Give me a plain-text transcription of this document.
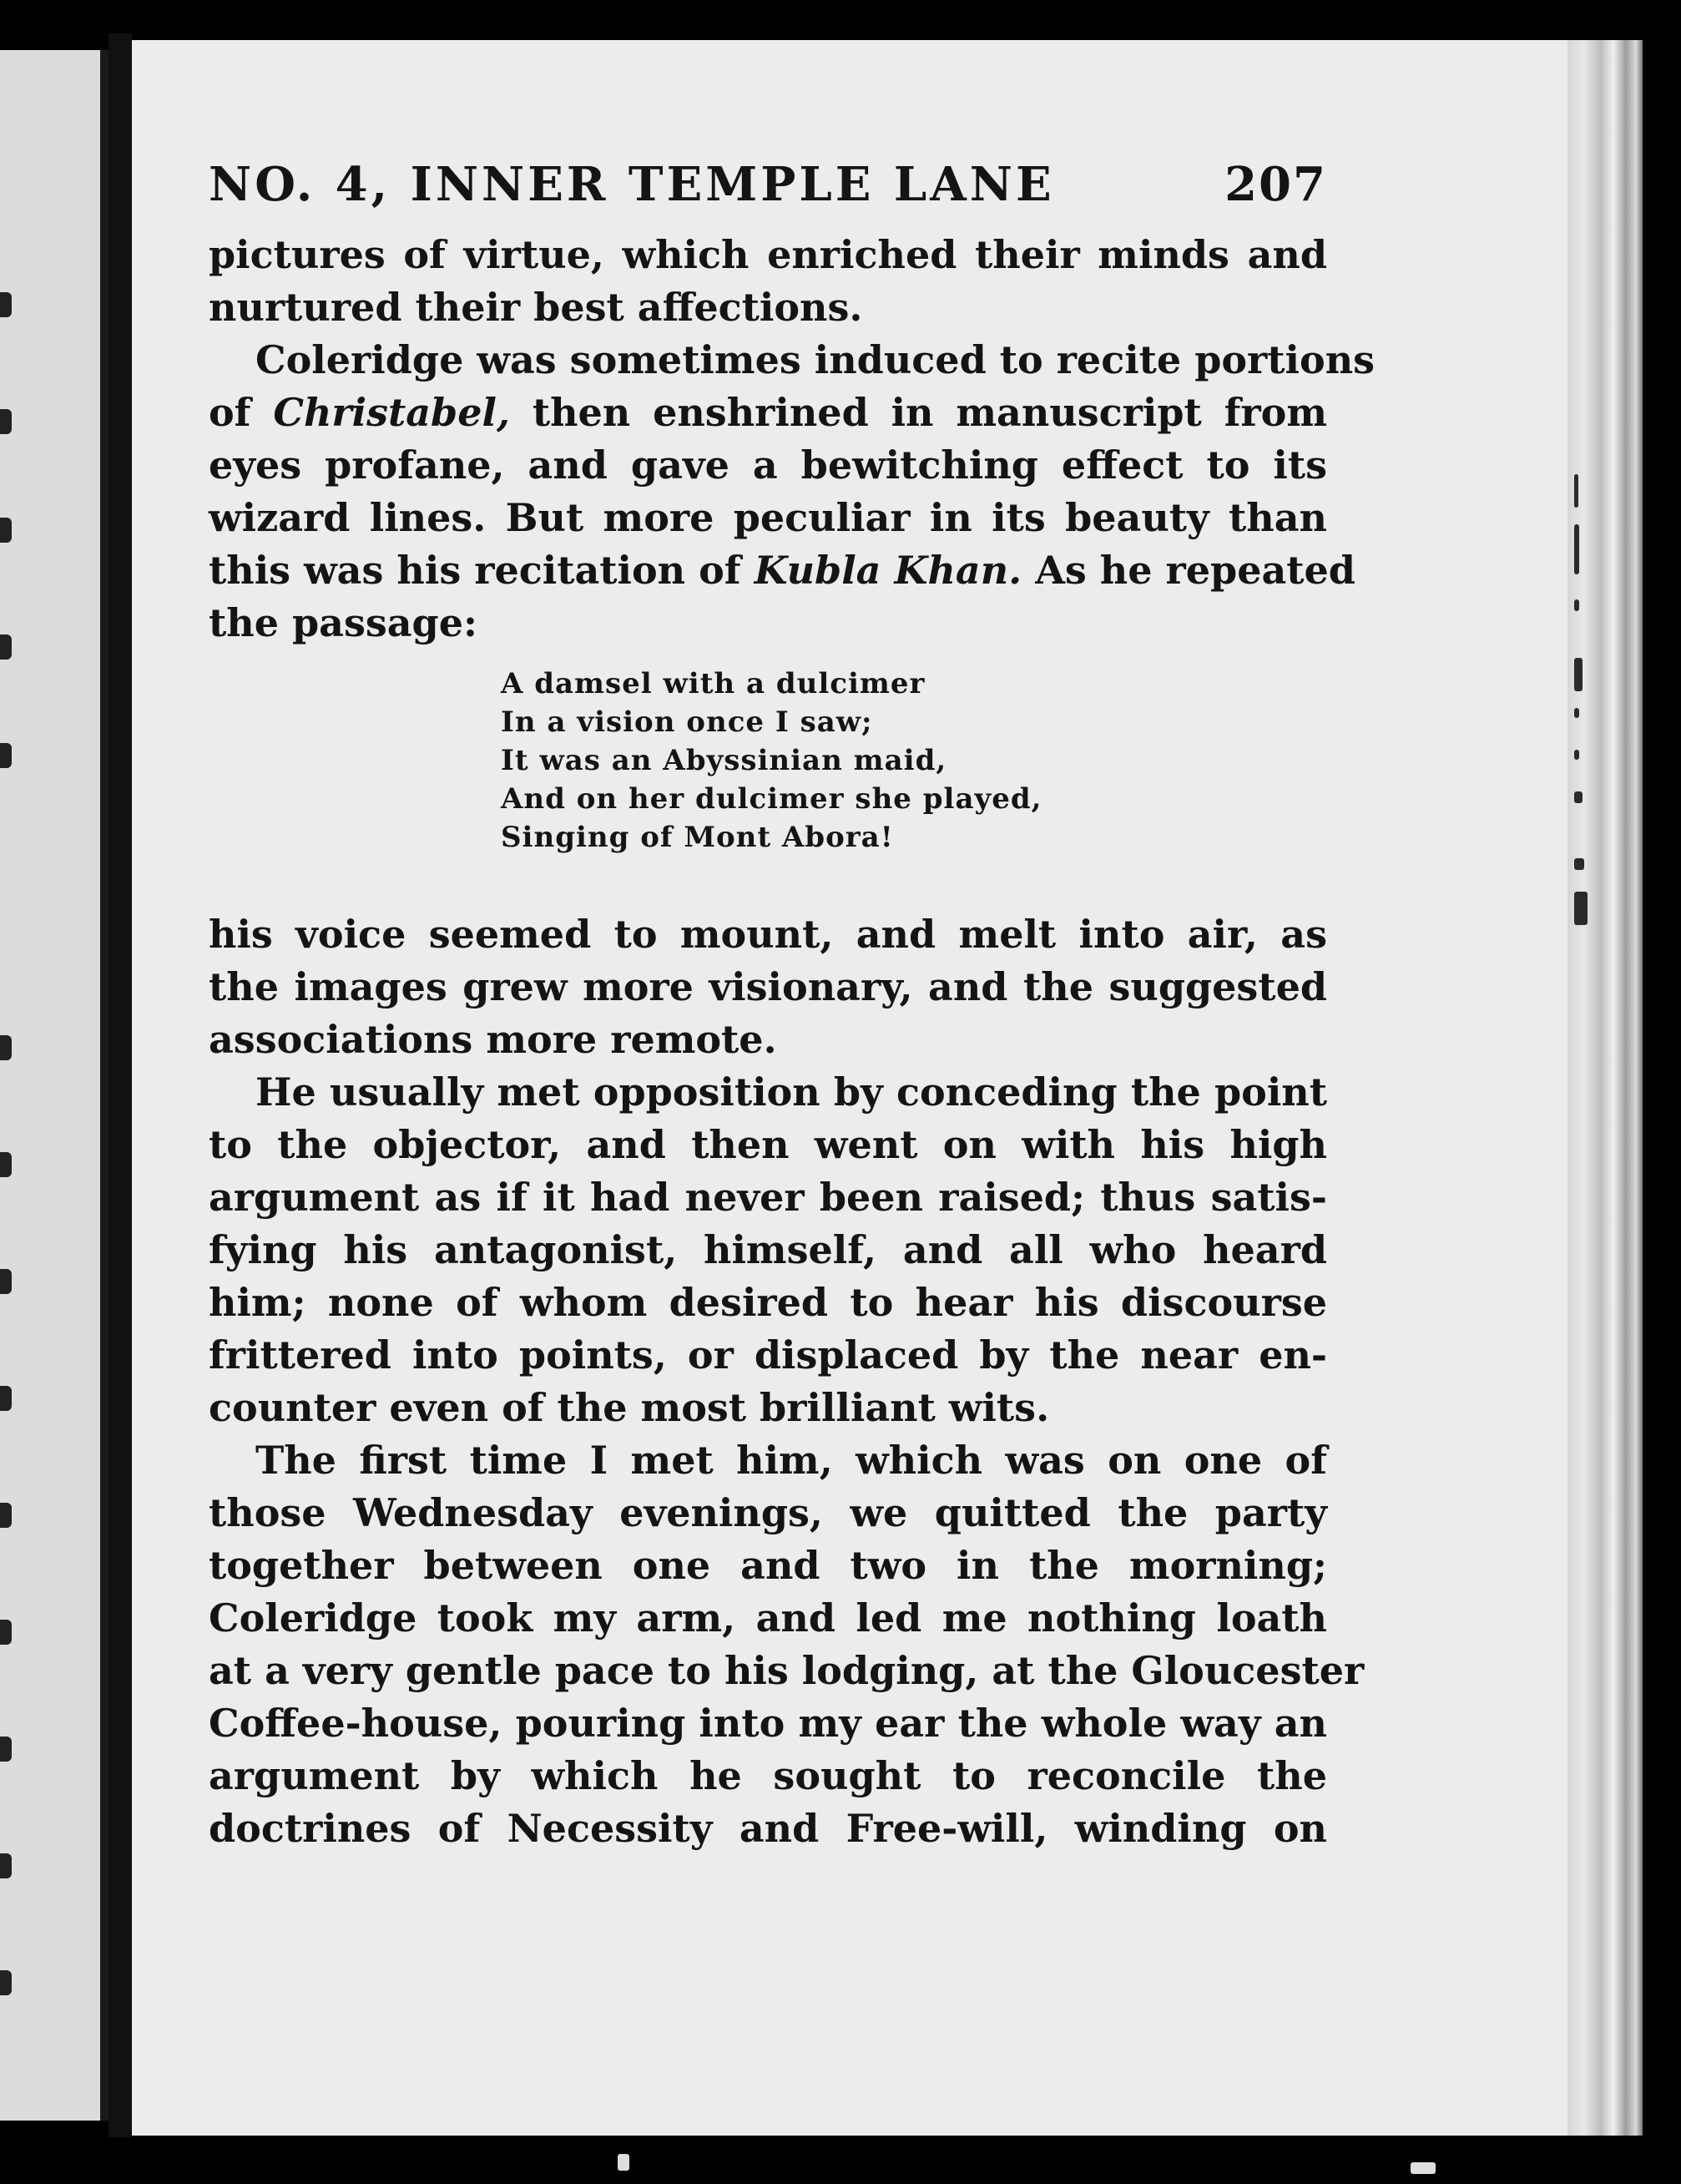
NO. 4, INNER TEMPLE LANE	207

pictures of virtue, which enriched their minds and
nurtured their best affections.

Coleridge was sometimes induced to recite portions
of Christabel, then enshrined in manuscript from
eyes profane, and gave a bewitching effect to its
wizard lines. But more peculiar in its beauty than
this was his recitation of Kubla Khan. As he repeated
the passage:

A damsel with a dulcimer
In a vision once I saw;
It was an Abyssinian maid,
And on her dulcimer she played,
Singing of Mont Abora!

his voice seemed to mount, and melt into air, as
the images grew more visionary, and the suggested
associations more remote.

He usually met opposition by conceding the point
to the objector, and then went on with his high
argument as if it had never been raised; thus satis-
fying his antagonist, himself, and all who heard
him; none of whom desired to hear his discourse
frittered into points, or displaced by the near en-
counter even of the most brilliant wits.

The first time I met him, which was on one of
those Wednesday evenings, we quitted the party
together between one and two in the morning;
Coleridge took my arm, and led me nothing loath
at a very gentle pace to his lodging, at the Gloucester
Coffee-house, pouring into my ear the whole way an
argument by which he sought to reconcile the
doctrines of Necessity and Free-will, winding on
